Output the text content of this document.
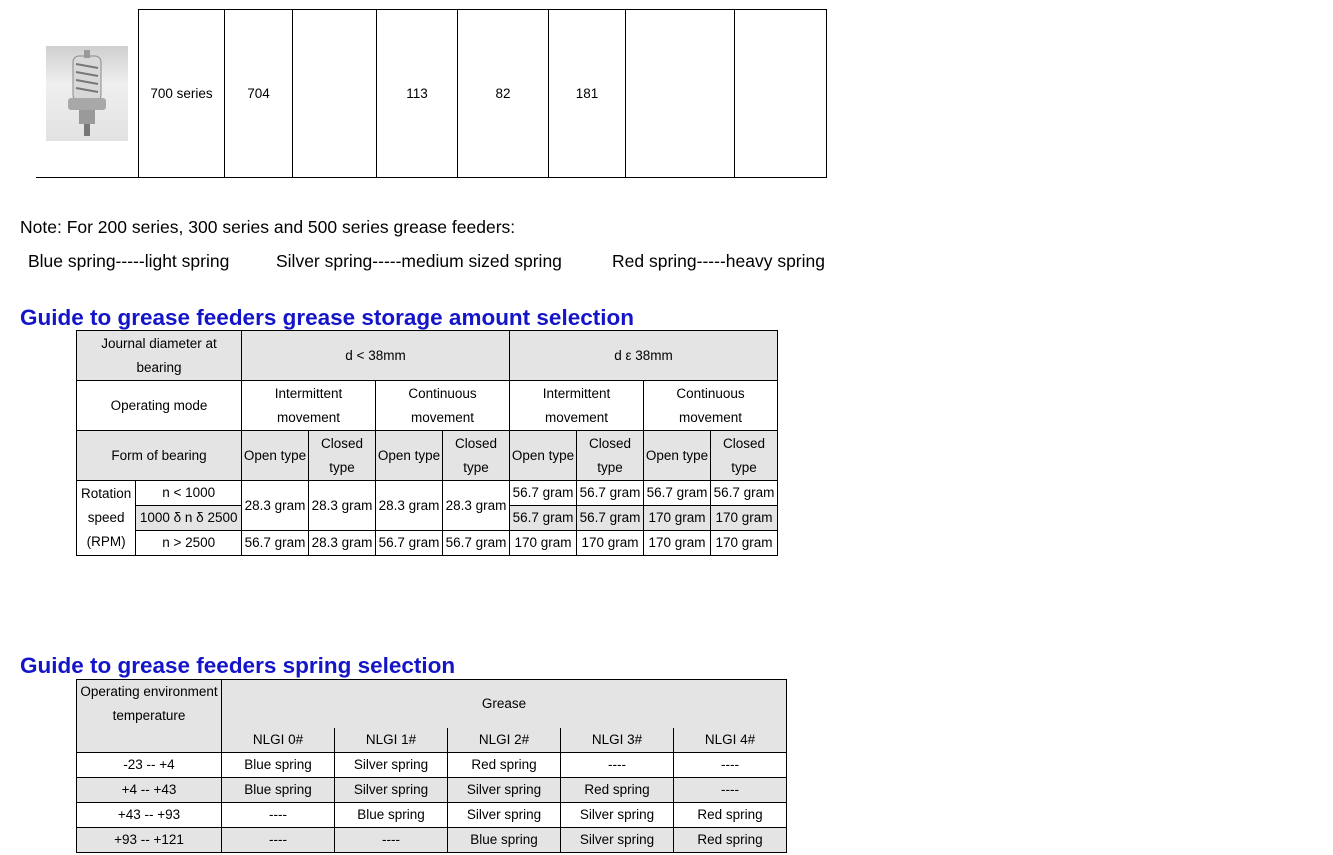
	700 series	704		113	82	181		
Note: For 200 series, 300 series and 500 series grease feeders:
Blue spring-----light spring	Silver spring-----medium sized spring	Red spring-----heavy spring
Guide to grease feeders grease storage amount selection
Journal diameter at bearing		d < 38mm				d ε 38mm			
Operating mode		Intermittent movement		Continuous movement		Intermittent movement		Continuous movement	
Form of bearing		Open type	Closed type	Open type	Closed type	Open type	Closed type	Open type	Closed type
Rotation speed (RPM)	n < 1000	28.3 gram	28.3 gram	28.3 gram	28.3 gram	56.7 gram	56.7 gram	56.7 gram	56.7 gram
	1000 δ n δ 2500					56.7 gram	56.7 gram	170 gram	170 gram
	n > 2500	56.7 gram	28.3 gram	56.7 gram	56.7 gram	170 gram	170 gram	170 gram	170 gram
Guide to grease feeders spring selection
Operating environment temperature	Grease				
	NLGI 0#	NLGI 1#	NLGI 2#	NLGI 3#	NLGI 4#
-23 -- +4	Blue spring	Silver spring	Red spring	----	----
+4 -- +43	Blue spring	Silver spring	Silver spring	Red spring	----
+43 -- +93	----	Blue spring	Silver spring	Silver spring	Red spring
+93 -- +121	----	----	Blue spring	Silver spring	Red spring
